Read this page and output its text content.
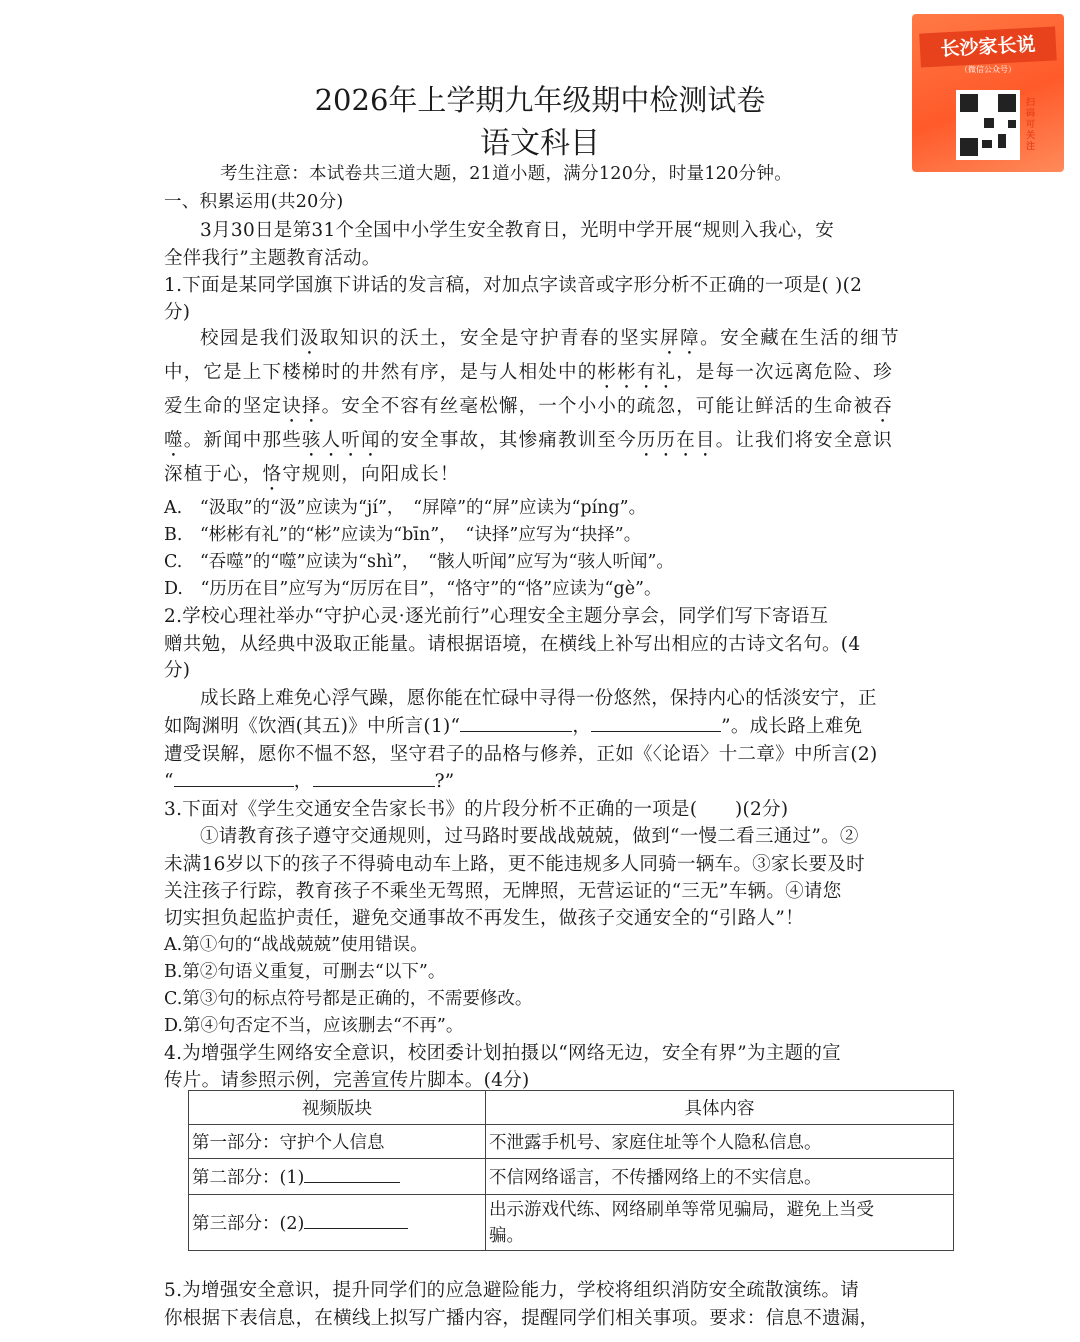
长沙家长说
（微信公众号）
扫码可关注
2026年上学期九年级期中检测试卷
语文科目
考生注意：本试卷共三道大题，21道小题，满分120分，时量120分钟。
一、积累运用(共20分)
3月30日是第31个全国中小学生安全教育日，光明中学开展“规则入我心，安
全伴我行”主题教育活动。
1.下面是某同学国旗下讲话的发言稿，对加点字读音或字形分析不正确的一项是( )(2
分)
校园是我们汲取知识的沃土，安全是守护青春的坚实屏障。安全藏在生活的细节
中，它是上下楼梯时的井然有序，是与人相处中的彬彬有礼，是每一次远离危险、珍
爱生命的坚定诀择。安全不容有丝毫松懈，一个小小的疏忽，可能让鲜活的生命被吞
噬。新闻中那些骇人听闻的安全事故，其惨痛教训至今历历在目。让我们将安全意识
深植于心，恪守规则，向阳成长！
A.　“汲取”的“汲”应读为“jí”，　“屏障”的“屏”应读为“píng”。
B.　“彬彬有礼”的“彬”应读为“bīn”，　“诀择”应写为“抉择”。
C.　“吞噬”的“噬”应读为“shì”，　“骸人听闻”应写为“骇人听闻”。
D.　“历历在目”应写为“厉厉在目”，“恪守”的“恪”应读为“gè”。
2.学校心理社举办“守护心灵·逐光前行”心理安全主题分享会，同学们写下寄语互
赠共勉，从经典中汲取正能量。请根据语境，在横线上补写出相应的古诗文名句。(4
分)
成长路上难免心浮气躁，愿你能在忙碌中寻得一份悠然，保持内心的恬淡安宁，正
如陶渊明《饮酒(其五)》中所言(1)“	，	”。成长路上难免
遭受误解，愿你不愠不怒，坚守君子的品格与修养，正如《〈论语〉十二章》中所言(2)
“	，	?”
3.下面对《学生交通安全告家长书》的片段分析不正确的一项是(　　)(2分)
①请教育孩子遵守交通规则，过马路时要战战兢兢，做到“一慢二看三通过”。②
未满16岁以下的孩子不得骑电动车上路，更不能违规多人同骑一辆车。③家长要及时
关注孩子行踪，教育孩子不乘坐无驾照，无牌照，无营运证的“三无”车辆。④请您
切实担负起监护责任，避免交通事故不再发生，做孩子交通安全的“引路人”！
A.第①句的“战战兢兢”使用错误。
B.第②句语义重复，可删去“以下”。
C.第③句的标点符号都是正确的，不需要修改。
D.第④句否定不当，应该删去“不再”。
4.为增强学生网络安全意识，校团委计划拍摄以“网络无边，安全有界”为主题的宣
传片。请参照示例，完善宣传片脚本。(4分)
视频版块	具体内容
第一部分：守护个人信息	不泄露手机号、家庭住址等个人隐私信息。
第二部分：(1)	不信网络谣言，不传播网络上的不实信息。
第三部分：(2)	出示游戏代练、网络刷单等常见骗局，避免上当受
骗。
5.为增强安全意识，提升同学们的应急避险能力，学校将组织消防安全疏散演练。请
你根据下表信息，在横线上拟写广播内容，提醒同学们相关事项。要求：信息不遗漏，
